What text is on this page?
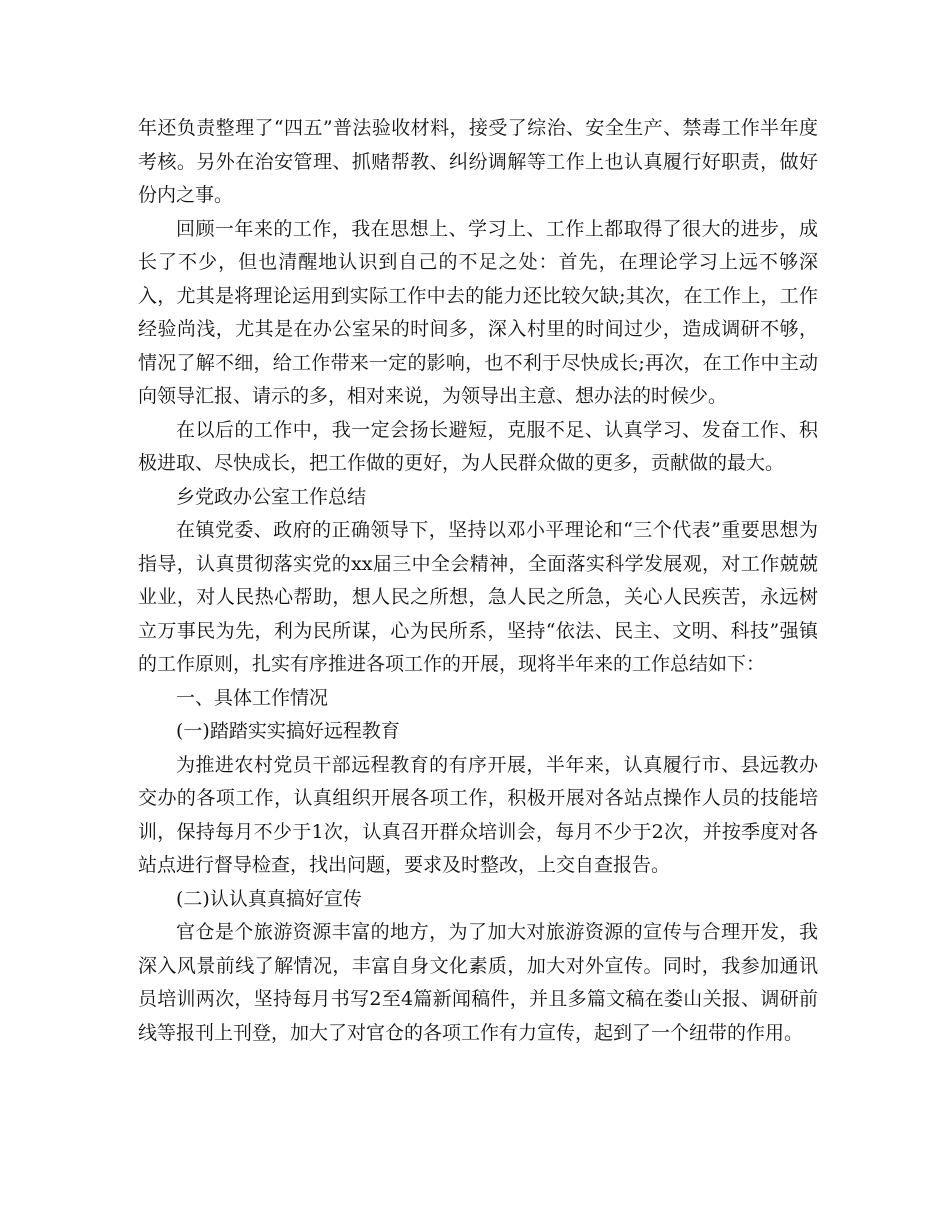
年还负责整理了“四五”普法验收材料，接受了综治、安全生产、禁毒工作半年度考核。另外在治安管理、抓赌帮教、纠纷调解等工作上也认真履行好职责，做好份内之事。

回顾一年来的工作，我在思想上、学习上、工作上都取得了很大的进步，成长了不少，但也清醒地认识到自己的不足之处：首先，在理论学习上远不够深入，尤其是将理论运用到实际工作中去的能力还比较欠缺;其次，在工作上，工作经验尚浅，尤其是在办公室呆的时间多，深入村里的时间过少，造成调研不够，情况了解不细，给工作带来一定的影响，也不利于尽快成长;再次，在工作中主动向领导汇报、请示的多，相对来说，为领导出主意、想办法的时候少。

在以后的工作中，我一定会扬长避短，克服不足、认真学习、发奋工作、积极进取、尽快成长，把工作做的更好，为人民群众做的更多，贡献做的最大。

乡党政办公室工作总结

在镇党委、政府的正确领导下，坚持以邓小平理论和“三个代表”重要思想为指导，认真贯彻落实党的xx届三中全会精神，全面落实科学发展观，对工作兢兢业业，对人民热心帮助，想人民之所想，急人民之所急，关心人民疾苦，永远树立万事民为先，利为民所谋，心为民所系，坚持“依法、民主、文明、科技”强镇的工作原则，扎实有序推进各项工作的开展，现将半年来的工作总结如下：

一、具体工作情况

(一)踏踏实实搞好远程教育

为推进农村党员干部远程教育的有序开展，半年来，认真履行市、县远教办交办的各项工作，认真组织开展各项工作，积极开展对各站点操作人员的技能培训，保持每月不少于1次，认真召开群众培训会，每月不少于2次，并按季度对各站点进行督导检查，找出问题，要求及时整改，上交自查报告。

(二)认认真真搞好宣传

官仓是个旅游资源丰富的地方，为了加大对旅游资源的宣传与合理开发，我深入风景前线了解情况，丰富自身文化素质，加大对外宣传。同时，我参加通讯员培训两次，坚持每月书写2至4篇新闻稿件，并且多篇文稿在娄山关报、调研前线等报刊上刊登，加大了对官仓的各项工作有力宣传，起到了一个纽带的作用。
